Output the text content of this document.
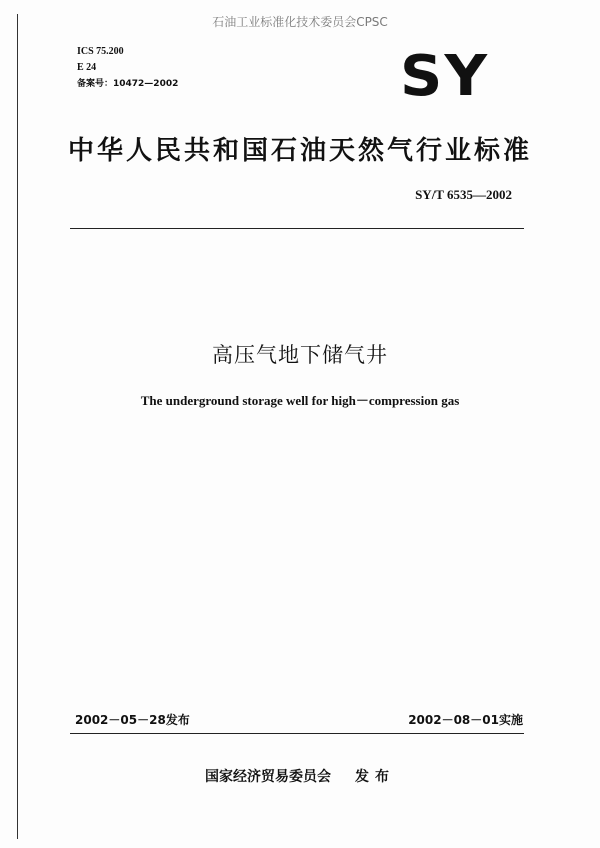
石油工业标准化技术委员会CPSC
ICS 75.200
E 24
备案号：10472—2002	SY
中华人民共和国石油天然气行业标准
SY/T 6535—2002
高压气地下储气井
The underground storage well for high－compression gas
2002－05－28发布	2002－08－01实施
国家经济贸易委员会 发布
